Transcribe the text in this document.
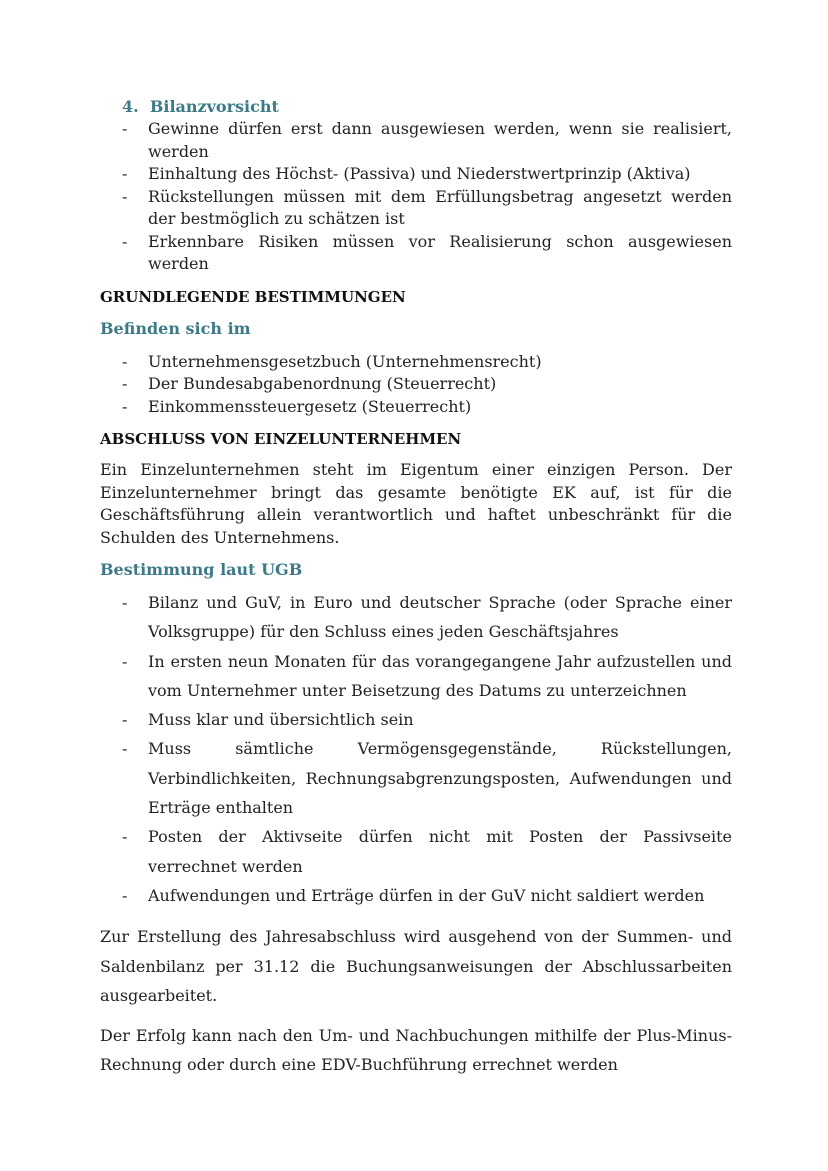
4. Bilanzvorsicht
- Gewinne dürfen erst dann ausgewiesen werden, wenn sie realisiert, werden
- Einhaltung des Höchst- (Passiva) und Niederstwertprinzip (Aktiva)
- Rückstellungen müssen mit dem Erfüllungsbetrag angesetzt werden der bestmöglich zu schätzen ist
- Erkennbare Risiken müssen vor Realisierung schon ausgewiesen werden
GRUNDLEGENDE BESTIMMUNGEN
Befinden sich im
- Unternehmensgesetzbuch (Unternehmensrecht)
- Der Bundesabgabenordnung (Steuerrecht)
- Einkommenssteuergesetz (Steuerrecht)
ABSCHLUSS VON EINZELUNTERNEHMEN

Ein Einzelunternehmen steht im Eigentum einer einzigen Person. Der Einzelunternehmer bringt das gesamte benötigte EK auf, ist für die Geschäftsführung allein verantwortlich und haftet unbeschränkt für die Schulden des Unternehmens.

Bestimmung laut UGB
- Bilanz und GuV, in Euro und deutscher Sprache (oder Sprache einer Volksgruppe) für den Schluss eines jeden Geschäftsjahres
- In ersten neun Monaten für das vorangegangene Jahr aufzustellen und vom Unternehmer unter Beisetzung des Datums zu unterzeichnen
- Muss klar und übersichtlich sein
- Muss sämtliche Vermögensgegenstände, Rückstellungen, Verbindlichkeiten, Rechnungsabgrenzungsposten, Aufwendungen und Erträge enthalten
- Posten der Aktivseite dürfen nicht mit Posten der Passivseite verrechnet werden
- Aufwendungen und Erträge dürfen in der GuV nicht saldiert werden

Zur Erstellung des Jahresabschluss wird ausgehend von der Summen- und Saldenbilanz per 31.12 die Buchungsanweisungen der Abschlussarbeiten ausgearbeitet.

Der Erfolg kann nach den Um- und Nachbuchungen mithilfe der Plus-Minus-Rechnung oder durch eine EDV-Buchführung errechnet werden
